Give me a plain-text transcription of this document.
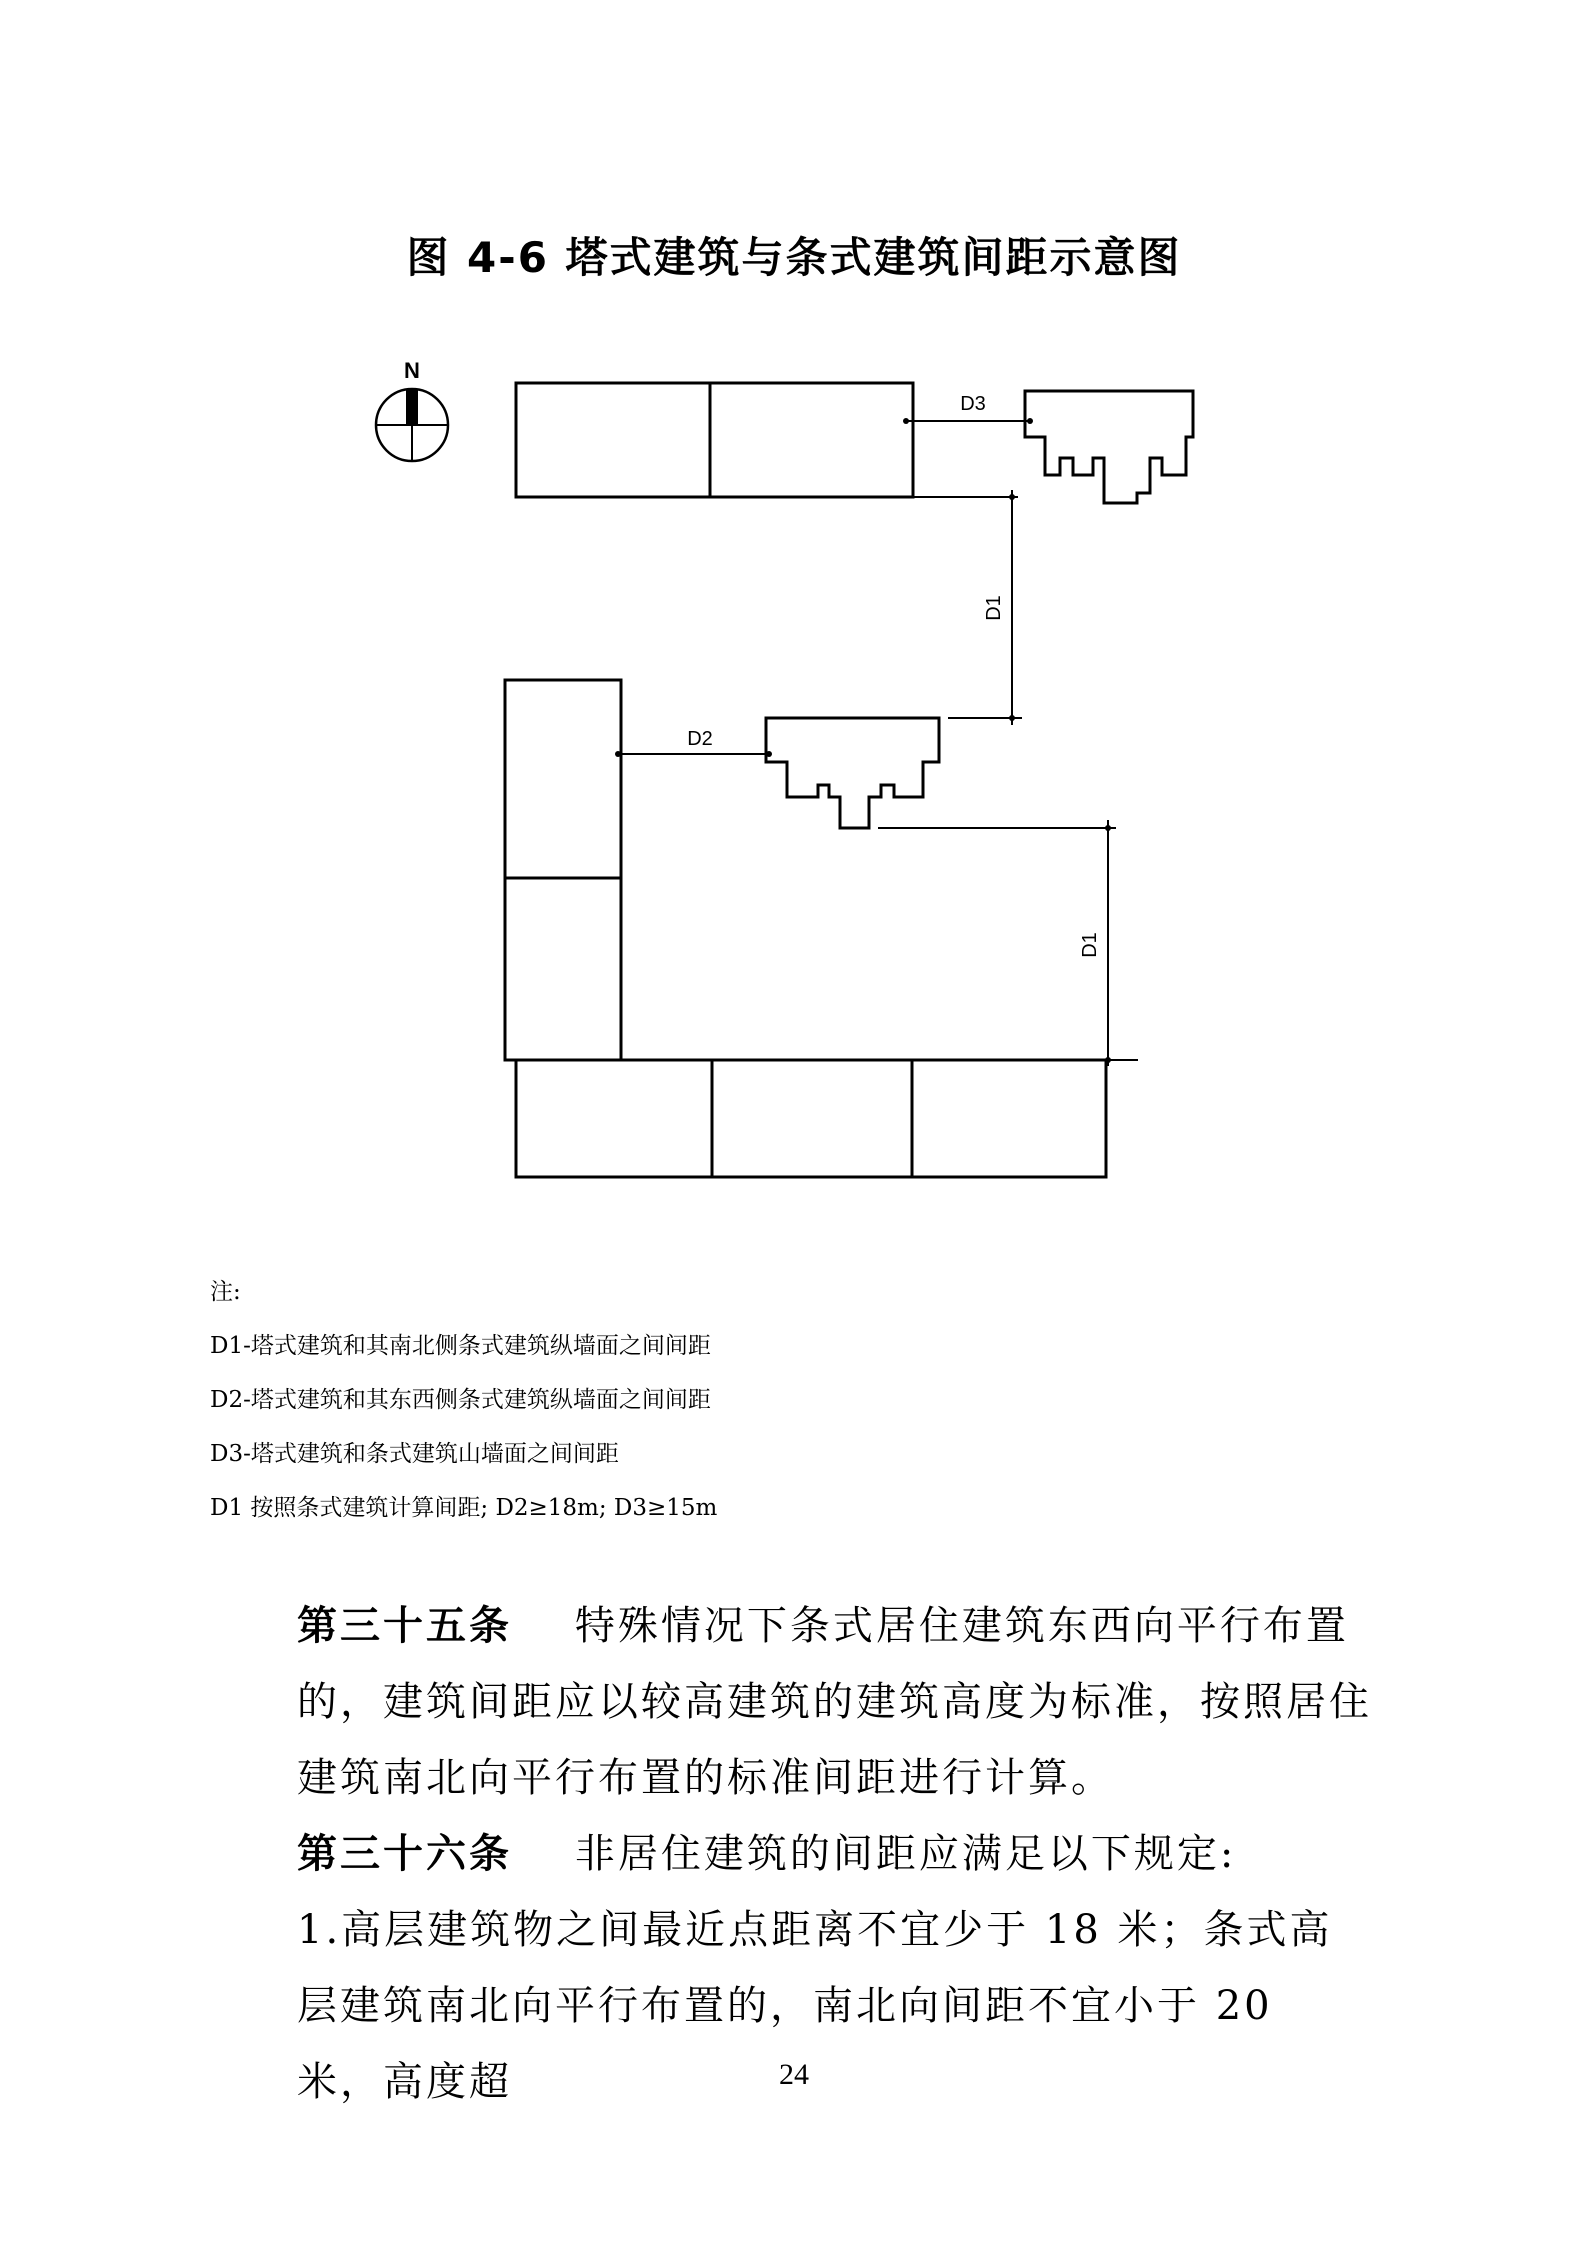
图 4-6 塔式建筑与条式建筑间距示意图
N
D3
D1
D2
D1
注:
D1-塔式建筑和其南北侧条式建筑纵墙面之间间距
D2-塔式建筑和其东西侧条式建筑纵墙面之间间距
D3-塔式建筑和条式建筑山墙面之间间距
D1 按照条式建筑计算间距; D2≥18m; D3≥15m

第三十五条 特殊情况下条式居住建筑东西向平行布置的，建筑间距应以较高建筑的建筑高度为标准，按照居住建筑南北向平行布置的标准间距进行计算。

第三十六条 非居住建筑的间距应满足以下规定:

1.高层建筑物之间最近点距离不宜少于 18 米；条式高层建筑南北向平行布置的，南北向间距不宜小于 20 米，高度超	24
